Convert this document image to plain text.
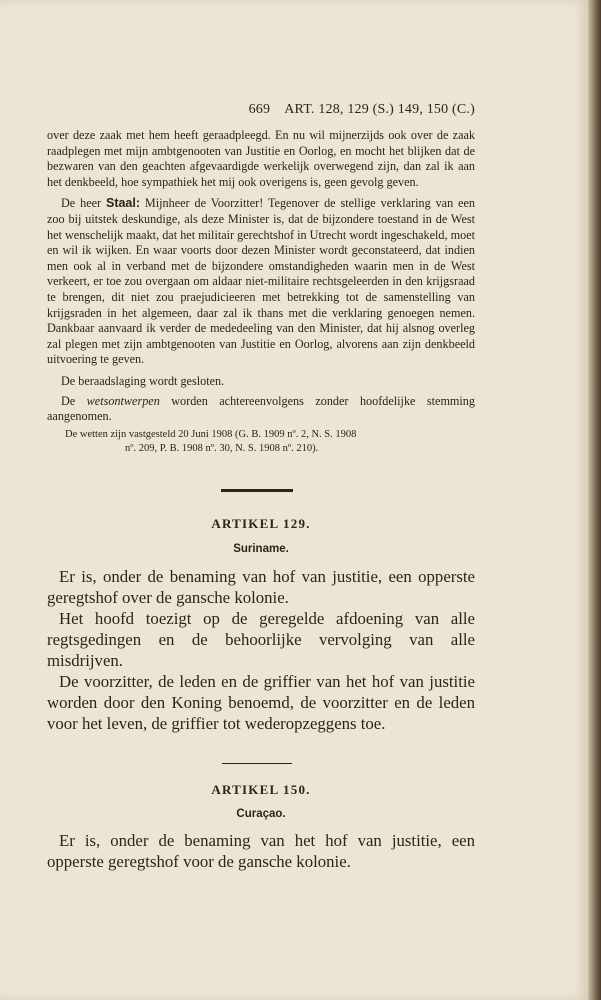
669 ART. 128, 129 (S.) 149, 150 (C.)

over deze zaak met hem heeft geraadpleegd. En nu wil mijnerzijds ook over de zaak raadplegen met mijn ambtgenooten van Justitie en Oorlog, en mocht het blijken dat de bezwaren van den geachten afgevaardigde werkelijk overwegend zijn, dan zal ik aan het denkbeeld, hoe sympathiek het mij ook overigens is, geen gevolg geven.

De heer Staal: Mijnheer de Voorzitter! Tegenover de stellige verklaring van een zoo bij uitstek deskundige, als deze Minister is, dat de bijzondere toestand in de West het wenschelijk maakt, dat het militair gerechtshof in Utrecht wordt ingeschakeld, moet en wil ik wijken. En waar voorts door dezen Minister wordt geconstateerd, dat indien men ook al in verband met de bijzondere omstandigheden waarin men in de West verkeert, er toe zou overgaan om aldaar niet-militaire rechtsgeleerden in den krijgsraad te brengen, dit niet zou praejudicieeren met betrekking tot de samenstelling van krijgsraden in het algemeen, daar zal ik thans met die verklaring genoegen nemen. Dankbaar aanvaard ik verder de mededeeling van den Minister, dat hij alsnog overleg zal plegen met zijn ambtgenooten van Justitie en Oorlog, alvorens aan zijn denkbeeld uitvoering te geven.

De beraadslaging wordt gesloten.

De wetsontwerpen worden achtereenvolgens zonder hoofdelijke stemming aangenomen.

De wetten zijn vastgesteld 20 Juni 1908 (G. B. 1909 nº. 2, N. S. 1908
nº. 209, P. B. 1908 nº. 30, N. S. 1908 nº. 210).
ARTIKEL 129.
Suriname.

Er is, onder de benaming van hof van justitie, een opperste geregtshof over de gansche kolonie.

Het hoofd toezigt op de geregelde afdoening van alle regtsgedingen en de behoorlijke vervolging van alle misdrijven.

De voorzitter, de leden en de griffier van het hof van justitie worden door den Koning benoemd, de voorzitter en de leden voor het leven, de griffier tot wederopzeggens toe.

ARTIKEL 150.
Curaçao.

Er is, onder de benaming van het hof van justitie, een opperste geregtshof voor de gansche kolonie.
